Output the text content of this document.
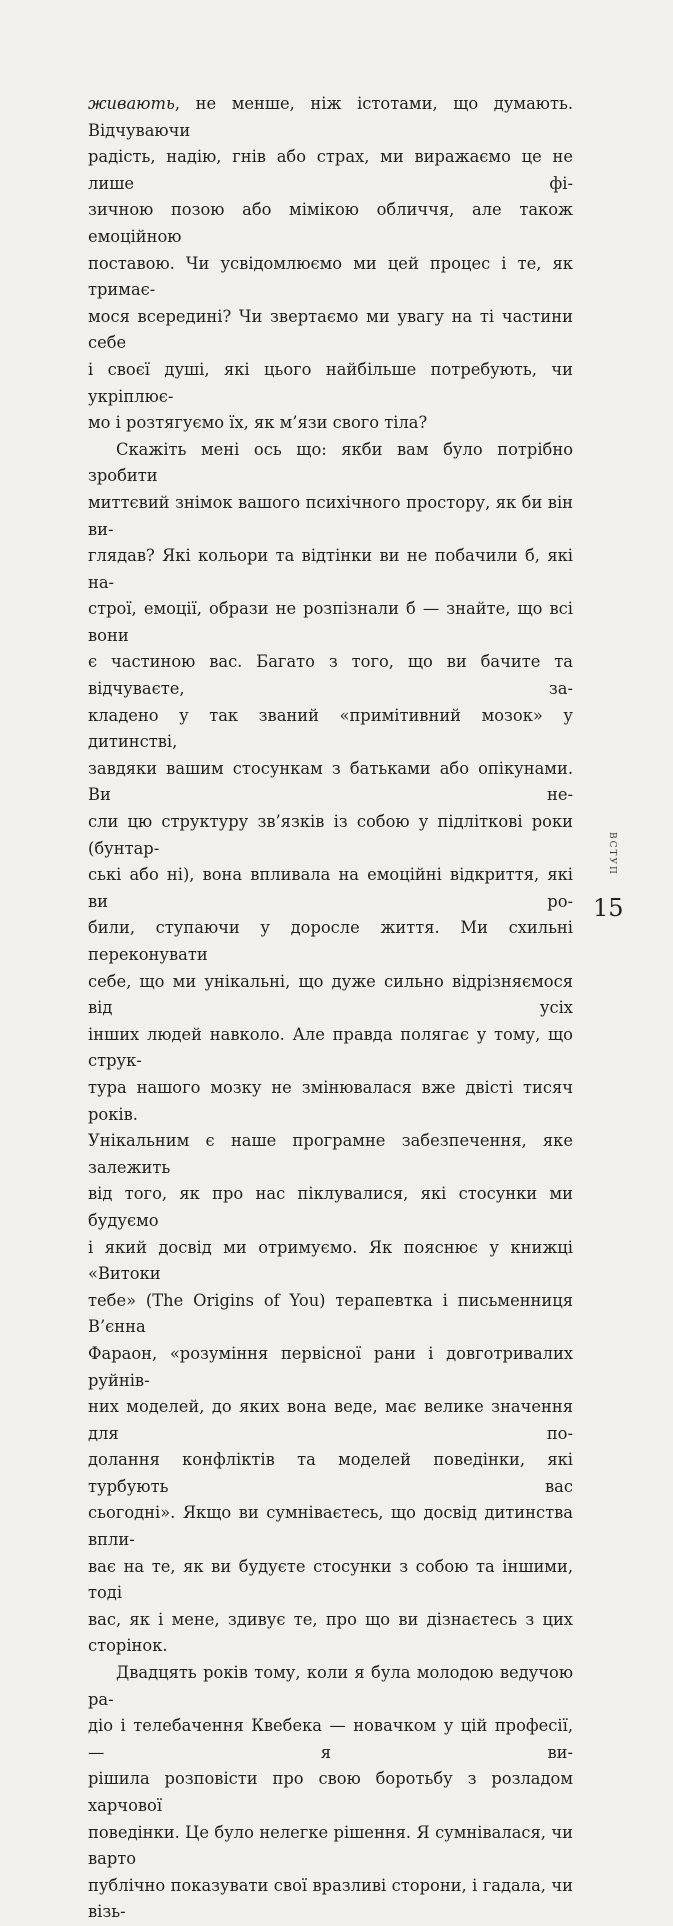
живають, не менше, ніж істотами, що думають. Відчуваючи

радість, надію, гнів або страх, ми виражаємо це не лише фі-

зичною позою або мімікою обличчя, але також емоційною

поставою. Чи усвідомлюємо ми цей процес і те, як тримає-

мося всередині? Чи звертаємо ми увагу на ті частини себе

і своєї душі, які цього найбільше потребують, чи укріплює-

мо і розтягуємо їх, як м’язи свого тіла?

Скажіть мені ось що: якби вам було потрібно зробити

миттєвий знімок вашого психічного простору, як би він ви-

глядав? Які кольори та відтінки ви не побачили б, які на-

строї, емоції, образи не розпізнали б — знайте, що всі вони

є частиною вас. Багато з того, що ви бачите та відчуваєте, за-

кладено у так званий «примітивний мозок» у дитинстві,

завдяки вашим стосункам з батьками або опікунами. Ви не-

сли цю структуру зв’язків із собою у підліткові роки (бунтар-

ські або ні), вона впливала на емоційні відкриття, які ви ро-

били, ступаючи у доросле життя. Ми схильні переконувати

себе, що ми унікальні, що дуже сильно відрізняємося від усіх

інших людей навколо. Але правда полягає у тому, що струк-

тура нашого мозку не змінювалася вже двісті тисяч років.

Унікальним є наше програмне забезпечення, яке залежить

від того, як про нас піклувалися, які стосунки ми будуємо

і який досвід ми отримуємо. Як пояснює у книжці «Витоки

тебе» (The Origins of You) терапевтка і письменниця В’єнна

Фараон, «розуміння первісної рани і довготривалих руйнів-

них моделей, до яких вона веде, має велике значення для по-

долання конфліктів та моделей поведінки, які турбують вас

сьогодні». Якщо ви сумніваєтесь, що досвід дитинства впли-

ває на те, як ви будуєте стосунки з собою та іншими, тоді

вас, як і мене, здивує те, про що ви дізнаєтесь з цих сторінок.

Двадцять років тому, коли я була молодою ведучою ра-

діо і телебачення Квебека — новачком у цій професії, — я ви-

рішила розповісти про свою боротьбу з розладом харчової

поведінки. Це було нелегке рішення. Я сумнівалася, чи варто

публічно показувати свої вразливі сторони, і гадала, чи візь-

ВСТУП
15
